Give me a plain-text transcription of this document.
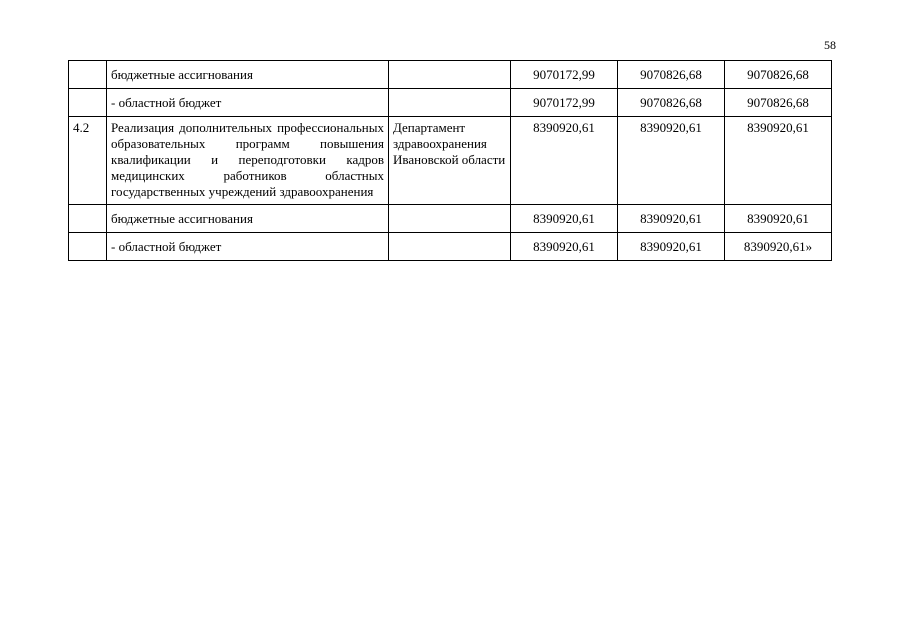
58
	бюджетные ассигнования		9070172,99	9070826,68	9070826,68
	- областной бюджет		9070172,99	9070826,68	9070826,68
4.2	Реализация дополнительных профессиональных образовательных программ повышения квалификации и переподготовки кадров медицинских работников областных государственных учреждений здравоохранения	Департамент здравоохранения Ивановской области	8390920,61	8390920,61	8390920,61
	бюджетные ассигнования		8390920,61	8390920,61	8390920,61
	- областной бюджет		8390920,61	8390920,61	8390920,61»
